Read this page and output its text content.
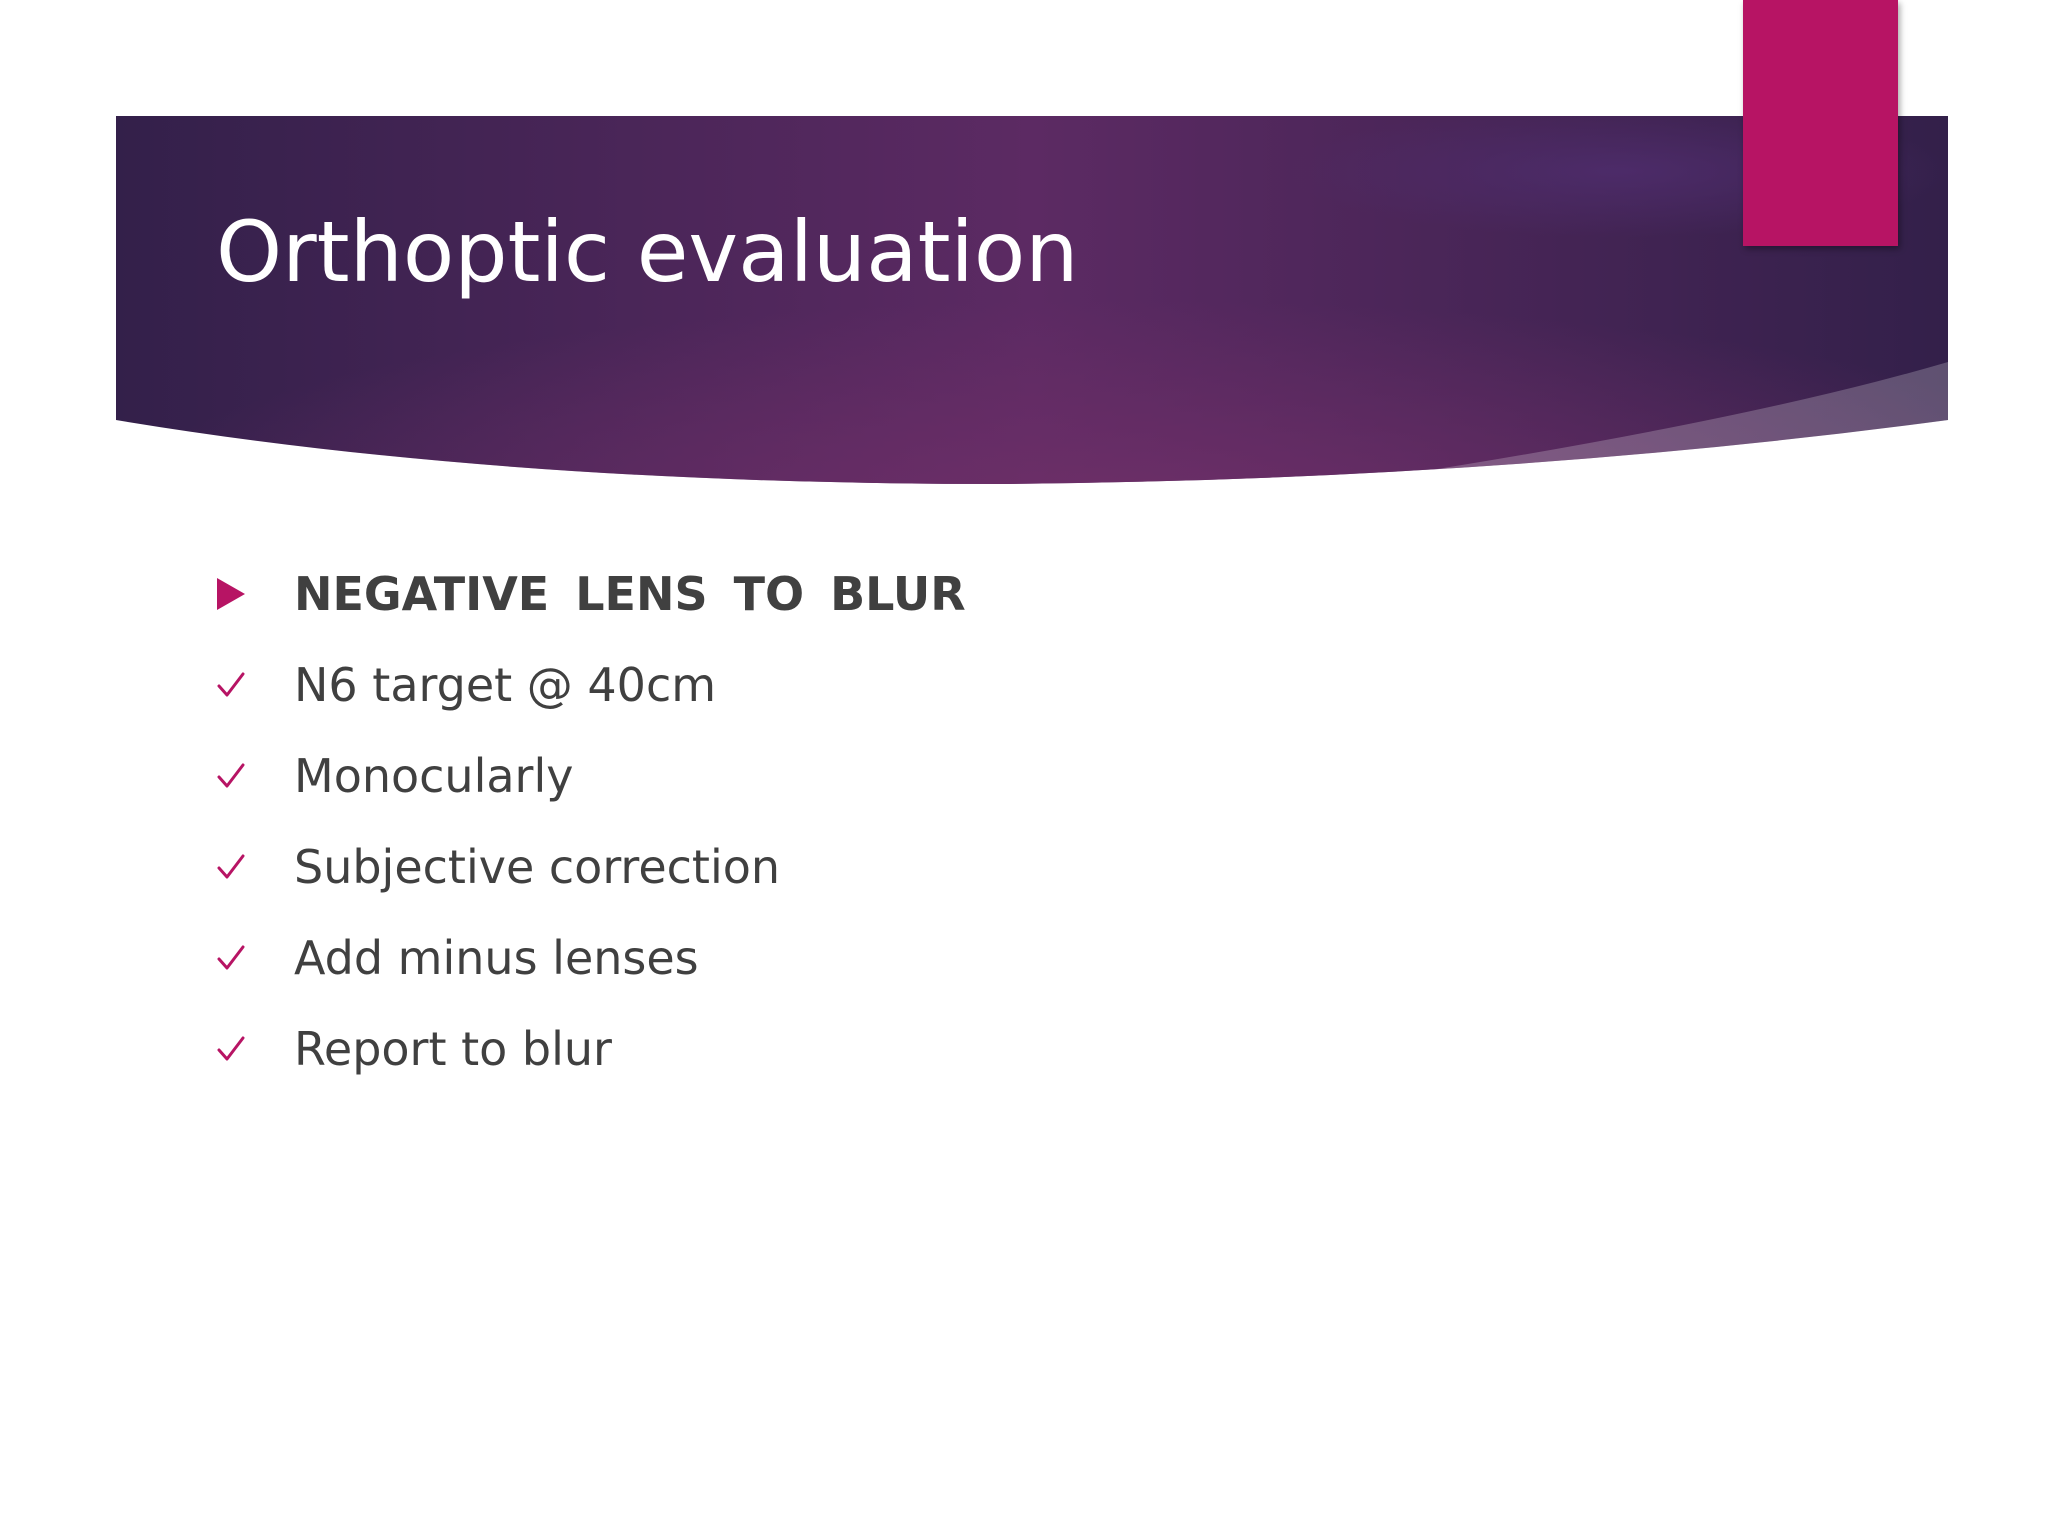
Orthoptic evaluation
NEGATIVE LENS TO BLUR
N6 target @ 40cm
Monocularly
Subjective correction
Add minus lenses
Report to blur
